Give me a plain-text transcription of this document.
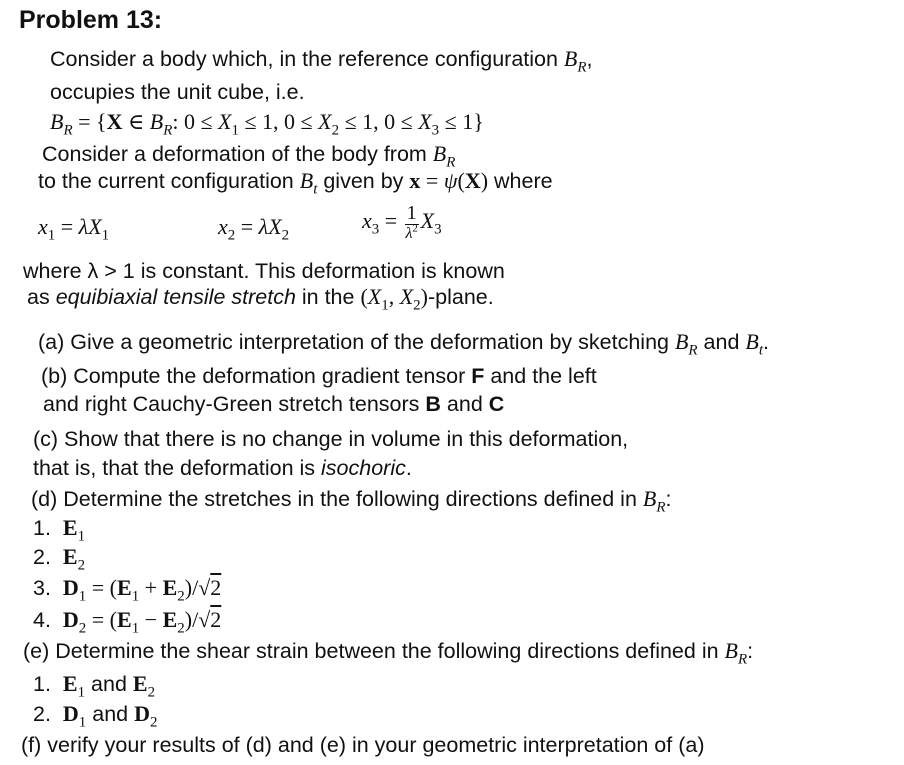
Problem 13:
Consider a body which, in the reference configuration $B_R$,
occupies the unit cube, i.e.
$B_R = \{X$ ∈ $B_R$: $0 \le X_1 \le 1$, $0 \le X_2 \le 1$, $0 \le X_3 \le 1$}
Consider a deformation of the body from $B_R$
to the current configuration $B_t$ given by x = ψ(X) where
$x_1 = \lambda X_1$	$x_2 = \lambda X_2$
$x_3 = \frac{1}{\lambda^2} X_3$
where λ > 1 is constant. This deformation is known
as equibiaxial tensile stretch in the ($X_1$, $X_2$)-plane.
(a) Give a geometric interpretation of the deformation by sketching $B_R$ and $B_t$.
(b) Compute the deformation gradient tensor F and the left
and right Cauchy-Green stretch tensors B and C
(c) Show that there is no change in volume in this deformation,
that is, that the deformation is isochoric.
(d) Determine the stretches in the following directions defined in $B_R$:
1. $E_1$
2. $E_2$
3. $D_1 = (E_1 + E_2)/√2$
4. $D_2 = (E_1 - E_2)/√2$
(e) Determine the shear strain between the following directions defined in $B_R$:
1. $E_1$ and $E_2$
2. $D_1$ and $D_2$
(f) verify your results of (d) and (e) in your geometric interpretation of (a)
